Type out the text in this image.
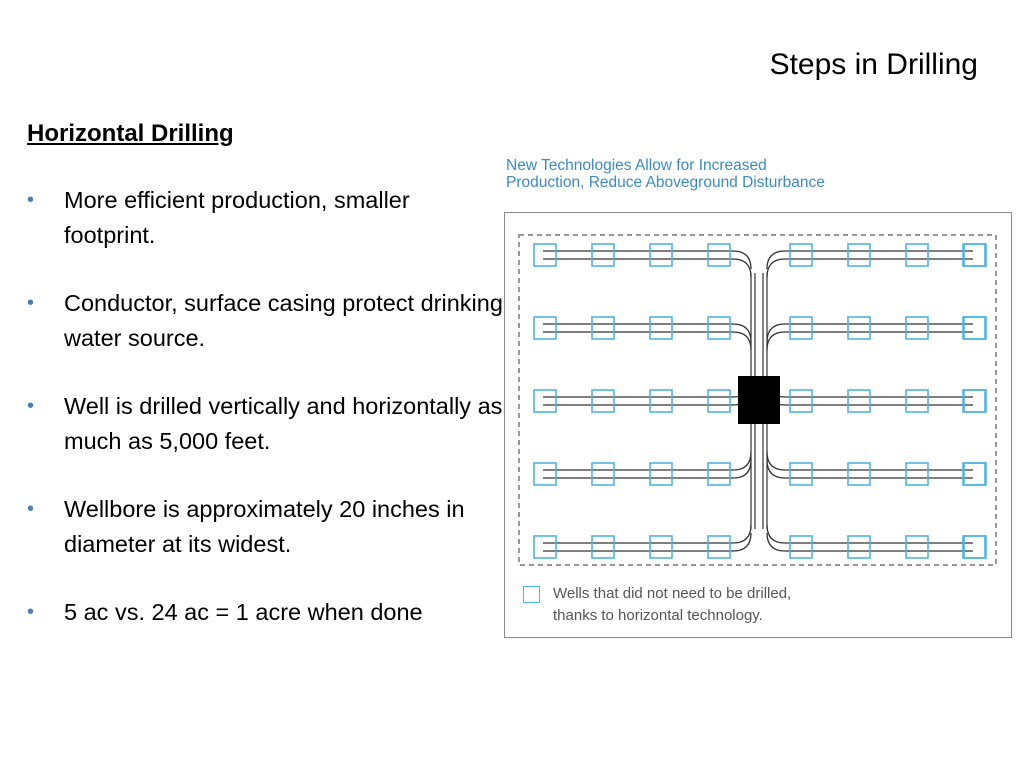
Steps in Drilling
Horizontal Drilling
• More efficient production, smaller footprint.
• Conductor, surface casing protect drinking water source.
• Well is drilled vertically and horizontally as much as 5,000 feet.
• Wellbore is approximately 20 inches in diameter at its widest.
• 5 ac vs. 24 ac = 1 acre when done
New Technologies Allow for Increased
Production, Reduce Aboveground Disturbance
Wells that did not need to be drilled,
thanks to horizontal technology.
